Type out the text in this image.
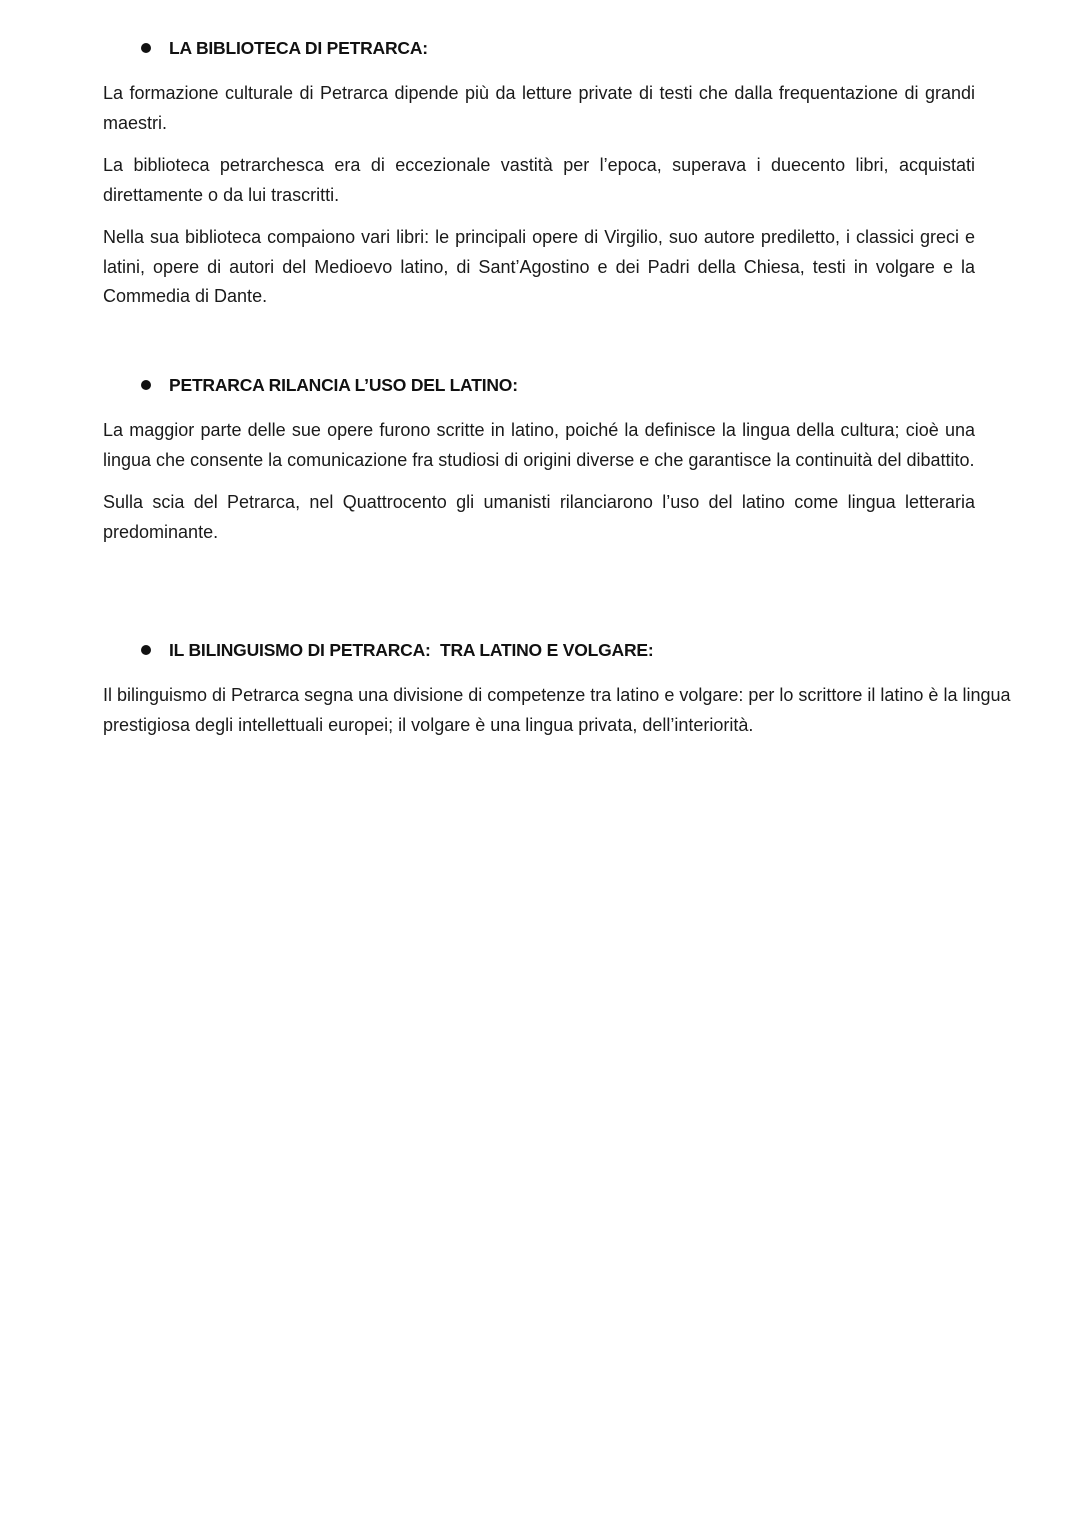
LA BIBLIOTECA DI PETRARCA:

La formazione culturale di Petrarca dipende più da letture private di testi che dalla frequentazione di grandi maestri.

La biblioteca petrarchesca era di eccezionale vastità per l’epoca, superava i duecento libri, acquistati direttamente o da lui trascritti.

Nella sua biblioteca compaiono vari libri: le principali opere di Virgilio, suo autore prediletto, i classici greci e latini, opere di autori del Medioevo latino, di Sant’Agostino e dei Padri della Chiesa, testi in volgare e la Commedia di Dante.

PETRARCA RILANCIA L’USO DEL LATINO:

La maggior parte delle sue opere furono scritte in latino, poiché la definisce la lingua della cultura; cioè una lingua che consente la comunicazione fra studiosi di origini diverse e che garantisce la continuità del dibattito.

Sulla scia del Petrarca, nel Quattrocento gli umanisti rilanciarono l’uso del latino come lingua letteraria predominante.

IL BILINGUISMO DI PETRARCA:  TRA LATINO E VOLGARE:

Il bilinguismo di Petrarca segna una divisione di competenze tra latino e volgare: per lo scrittore il latino è la lingua prestigiosa degli intellettuali europei; il volgare è una lingua privata, dell’interiorità.
